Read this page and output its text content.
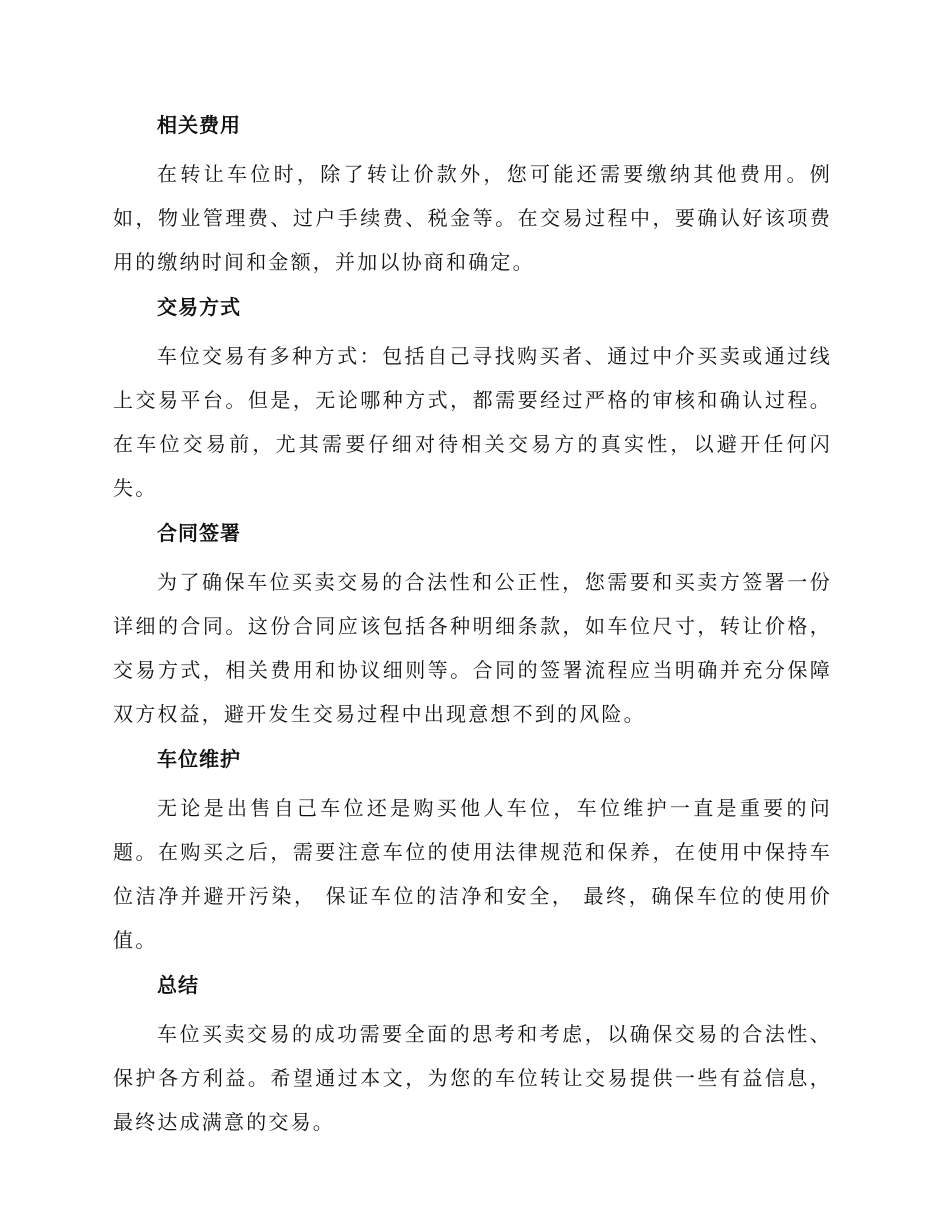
相关费用

在转让车位时，除了转让价款外，您可能还需要缴纳其他费用。例如，物业管理费、过户手续费、税金等。在交易过程中，要确认好该项费用的缴纳时间和金额，并加以协商和确定。

交易方式

车位交易有多种方式：包括自己寻找购买者、通过中介买卖或通过线上交易平台。但是，无论哪种方式，都需要经过严格的审核和确认过程。在车位交易前，尤其需要仔细对待相关交易方的真实性，以避开任何闪失。

合同签署

为了确保车位买卖交易的合法性和公正性，您需要和买卖方签署一份详细的合同。这份合同应该包括各种明细条款，如车位尺寸，转让价格，交易方式，相关费用和协议细则等。合同的签署流程应当明确并充分保障双方权益，避开发生交易过程中出现意想不到的风险。

车位维护

无论是出售自己车位还是购买他人车位，车位维护一直是重要的问题。在购买之后，需要注意车位的使用法律规范和保养，在使用中保持车位洁净并避开污染， 保证车位的洁净和安全， 最终，确保车位的使用价值。

总结

车位买卖交易的成功需要全面的思考和考虑，以确保交易的合法性、保护各方利益。希望通过本文，为您的车位转让交易提供一些有益信息，最终达成满意的交易。
